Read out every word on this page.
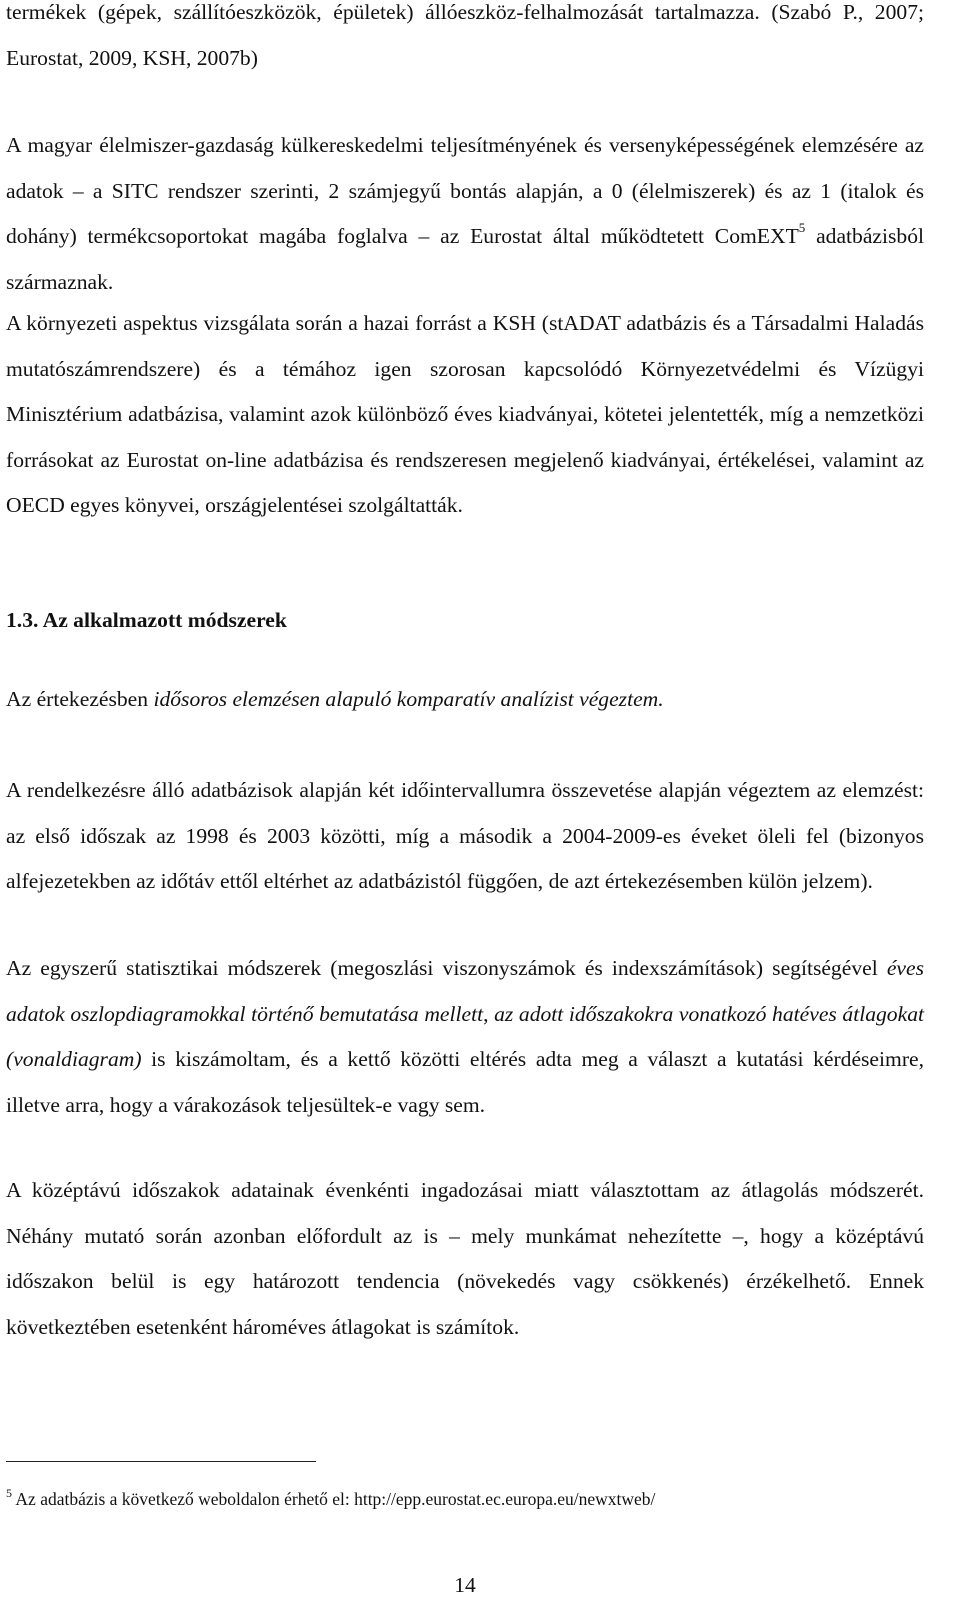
termékek (gépek, szállítóeszközök, épületek) állóeszköz-felhalmozását tartalmazza. (Szabó P., 2007; Eurostat, 2009, KSH, 2007b)

A magyar élelmiszer-gazdaság külkereskedelmi teljesítményének és versenyképességének elemzésére az adatok – a SITC rendszer szerinti, 2 számjegyű bontás alapján, a 0 (élelmiszerek) és az 1 (italok és dohány) termékcsoportokat magába foglalva – az Eurostat által működtetett ComEXT$^5$ adatbázisból származnak.

A környezeti aspektus vizsgálata során a hazai forrást a KSH (stADAT adatbázis és a Társadalmi Haladás mutatószámrendszere) és a témához igen szorosan kapcsolódó Környezetvédelmi és Vízügyi Minisztérium adatbázisa, valamint azok különböző éves kiadványai, kötetei jelentették, míg a nemzetközi forrásokat az Eurostat on-line adatbázisa és rendszeresen megjelenő kiadványai, értékelései, valamint az OECD egyes könyvei, országjelentései szolgáltatták.

1.3. Az alkalmazott módszerek

Az értekezésben idősoros elemzésen alapuló komparatív analízist végeztem.

A rendelkezésre álló adatbázisok alapján két időintervallumra összevetése alapján végeztem az elemzést: az első időszak az 1998 és 2003 közötti, míg a második a 2004-2009-es éveket öleli fel (bizonyos alfejezetekben az időtáv ettől eltérhet az adatbázistól függően, de azt értekezésemben külön jelzem).

Az egyszerű statisztikai módszerek (megoszlási viszonyszámok és indexszámítások) segítségével éves adatok oszlopdiagramokkal történő bemutatása mellett, az adott időszakokra vonatkozó hatéves átlagokat (vonaldiagram) is kiszámoltam, és a kettő közötti eltérés adta meg a választ a kutatási kérdéseimre, illetve arra, hogy a várakozások teljesültek-e vagy sem.

A középtávú időszakok adatainak évenkénti ingadozásai miatt választottam az átlagolás módszerét. Néhány mutató során azonban előfordult az is – mely munkámat nehezítette –, hogy a középtávú időszakon belül is egy határozott tendencia (növekedés vagy csökkenés) érzékelhető. Ennek következtében esetenként hároméves átlagokat is számítok.

$^5$ Az adatbázis a következő weboldalon érhető el: http://epp.eurostat.ec.europa.eu/newxtweb/
14
